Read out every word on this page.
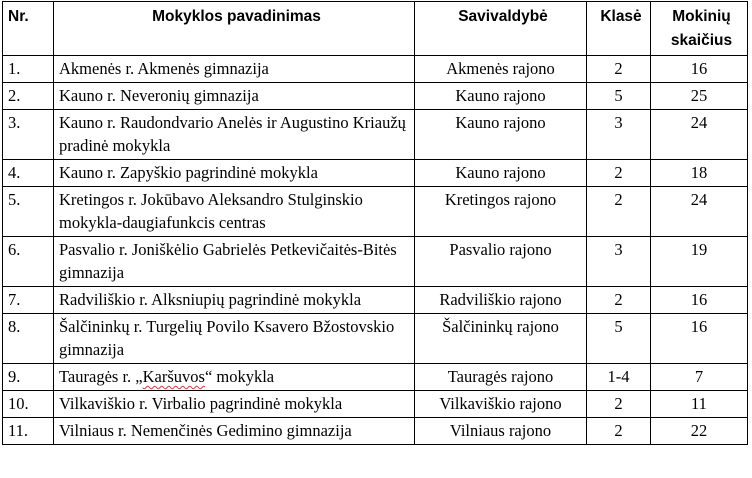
Nr.	Mokyklos pavadinimas	Savivaldybė	Klasė	Mokinių skaičius
1.	Akmenės r. Akmenės gimnazija	Akmenės rajono	2	16
2.	Kauno r. Neveronių gimnazija	Kauno rajono	5	25
3.	Kauno r. Raudondvario Anelės ir Augustino Kriaužų pradinė mokykla	Kauno rajono	3	24
4.	Kauno r. Zapyškio pagrindinė mokykla	Kauno rajono	2	18
5.	Kretingos r. Jokūbavo Aleksandro Stulginskio mokykla-daugiafunkcis centras	Kretingos rajono	2	24
6.	Pasvalio r. Joniškėlio Gabrielės Petkevičaitės-Bitės gimnazija	Pasvalio rajono	3	19
7.	Radviliškio r. Alksniupių pagrindinė mokykla	Radviliškio rajono	2	16
8.	Šalčininkų r. Turgelių Povilo Ksavero Bžostovskio gimnazija	Šalčininkų rajono	5	16
9.	Tauragės r. „Karšuvos“ mokykla	Tauragės rajono	1-4	7
10.	Vilkaviškio r. Virbalio pagrindinė mokykla	Vilkaviškio rajono	2	11
11.	Vilniaus r. Nemenčinės Gedimino gimnazija	Vilniaus rajono	2	22
